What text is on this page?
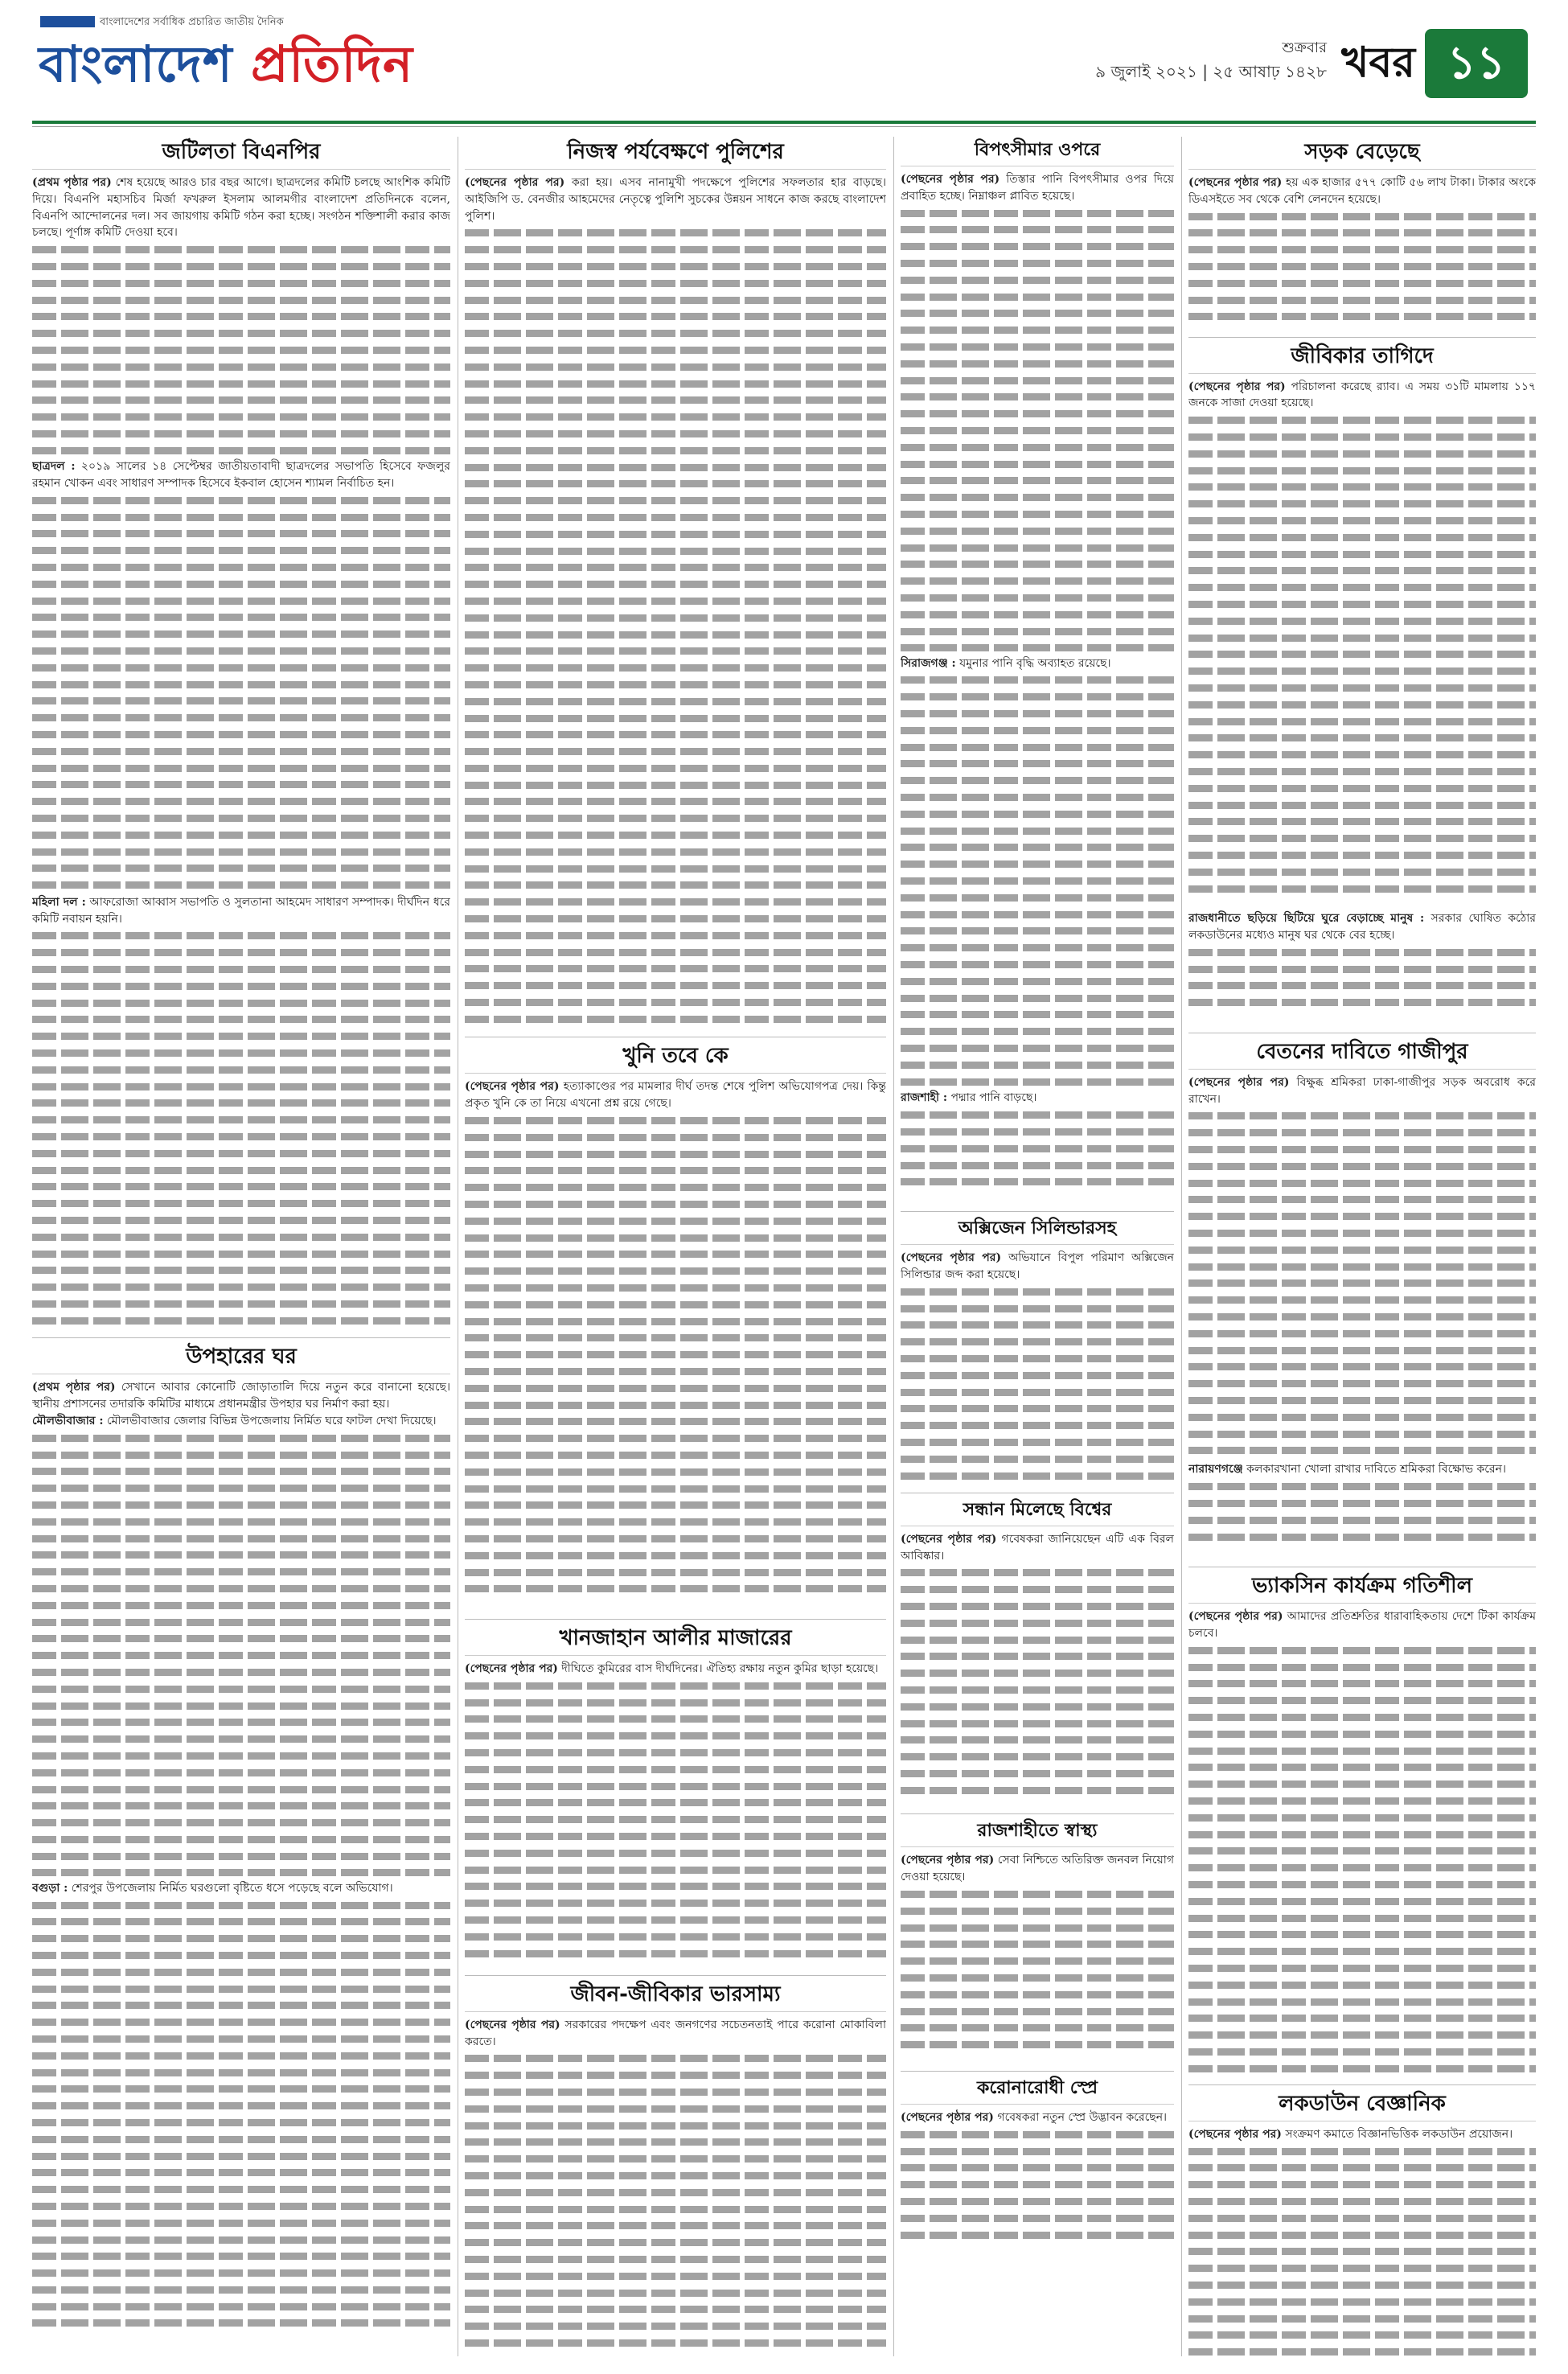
বাংলাদেশের সর্বাধিক প্রচারিত জাতীয় দৈনিক
বাংলাদেশ প্রতিদিন	শুক্রবার
৯ জুলাই ২০২১ | ২৫ আষাঢ় ১৪২৮ খবর ১১
জটিলতা বিএনপির

(প্রথম পৃষ্ঠার পর) শেষ হয়েছে আরও চার বছর আগে। ছাত্রদলের কমিটি চলছে আংশিক কমিটি দিয়ে। বিএনপি মহাসচিব মির্জা ফখরুল ইসলাম আলমগীর বাংলাদেশ প্রতিদিনকে বলেন, বিএনপি আন্দোলনের দল। সব জায়গায় কমিটি গঠন করা হচ্ছে। সংগঠন শক্তিশালী করার কাজ চলছে। পূর্ণাঙ্গ কমিটি দেওয়া হবে।

ছাত্রদল : ২০১৯ সালের ১৪ সেপ্টেম্বর জাতীয়তাবাদী ছাত্রদলের সভাপতি হিসেবে ফজলুর রহমান খোকন এবং সাধারণ সম্পাদক হিসেবে ইকবাল হোসেন শ্যামল নির্বাচিত হন।

মহিলা দল : আফরোজা আব্বাস সভাপতি ও সুলতানা আহমেদ সাধারণ সম্পাদক। দীর্ঘদিন ধরে কমিটি নবায়ন হয়নি।

উপহারের ঘর

(প্রথম পৃষ্ঠার পর) সেখানে আবার কোনোটি জোড়াতালি দিয়ে নতুন করে বানানো হয়েছে। স্থানীয় প্রশাসনের তদারকি কমিটির মাধ্যমে প্রধানমন্ত্রীর উপহার ঘর নির্মাণ করা হয়।

মৌলভীবাজার : মৌলভীবাজার জেলার বিভিন্ন উপজেলায় নির্মিত ঘরে ফাটল দেখা দিয়েছে।

বগুড়া : শেরপুর উপজেলায় নির্মিত ঘরগুলো বৃষ্টিতে ধসে পড়েছে বলে অভিযোগ।

নিজস্ব পর্যবেক্ষণে পুলিশের

(পেছনের পৃষ্ঠার পর) করা হয়। এসব নানামুখী পদক্ষেপে পুলিশের সফলতার হার বাড়ছে। আইজিপি ড. বেনজীর আহমেদের নেতৃত্বে পুলিশি সুচকের উন্নয়ন সাধনে কাজ করছে বাংলাদেশ পুলিশ।

খুনি তবে কে

(পেছনের পৃষ্ঠার পর) হত্যাকাণ্ডের পর মামলার দীর্ঘ তদন্ত শেষে পুলিশ অভিযোগপত্র দেয়। কিন্তু প্রকৃত খুনি কে তা নিয়ে এখনো প্রশ্ন রয়ে গেছে।

খানজাহান আলীর মাজারের

(পেছনের পৃষ্ঠার পর) দীঘিতে কুমিরের বাস দীর্ঘদিনের। ঐতিহ্য রক্ষায় নতুন কুমির ছাড়া হয়েছে।

জীবন-জীবিকার ভারসাম্য

(পেছনের পৃষ্ঠার পর) সরকারের পদক্ষেপ এবং জনগণের সচেতনতাই পারে করোনা মোকাবিলা করতে।

বিপৎসীমার ওপরে

(পেছনের পৃষ্ঠার পর) তিস্তার পানি বিপৎসীমার ওপর দিয়ে প্রবাহিত হচ্ছে। নিম্নাঞ্চল প্লাবিত হয়েছে।

সিরাজগঞ্জ : যমুনার পানি বৃদ্ধি অব্যাহত রয়েছে।

রাজশাহী : পদ্মার পানি বাড়ছে।

অক্সিজেন সিলিন্ডারসহ

(পেছনের পৃষ্ঠার পর) অভিযানে বিপুল পরিমাণ অক্সিজেন সিলিন্ডার জব্দ করা হয়েছে।

সন্ধান মিলেছে বিশ্বের

(পেছনের পৃষ্ঠার পর) গবেষকরা জানিয়েছেন এটি এক বিরল আবিষ্কার।

রাজশাহীতে স্বাস্থ্য

(পেছনের পৃষ্ঠার পর) সেবা নিশ্চিতে অতিরিক্ত জনবল নিয়োগ দেওয়া হয়েছে।

করোনারোধী স্প্রে

(পেছনের পৃষ্ঠার পর) গবেষকরা নতুন স্প্রে উদ্ভাবন করেছেন।

সড়ক বেড়েছে

(পেছনের পৃষ্ঠার পর) হয় এক হাজার ৫৭৭ কোটি ৫৬ লাখ টাকা। টাকার অংকে ডিএসইতে সব থেকে বেশি লেনদেন হয়েছে।

জীবিকার তাগিদে

(পেছনের পৃষ্ঠার পর) পরিচালনা করেছে র‍্যাব। এ সময় ৩১টি মামলায় ১১৭ জনকে সাজা দেওয়া হয়েছে।

রাজধানীতে ছড়িয়ে ছিটিয়ে ঘুরে বেড়াচ্ছে মানুষ : সরকার ঘোষিত কঠোর লকডাউনের মধ্যেও মানুষ ঘর থেকে বের হচ্ছে।

বেতনের দাবিতে গাজীপুর

(পেছনের পৃষ্ঠার পর) বিক্ষুব্ধ শ্রমিকরা ঢাকা-গাজীপুর সড়ক অবরোধ করে রাখেন।

নারায়ণগঞ্জে কলকারখানা খোলা রাখার দাবিতে শ্রমিকরা বিক্ষোভ করেন।

ভ্যাকসিন কার্যক্রম গতিশীল

(পেছনের পৃষ্ঠার পর) আমাদের প্রতিশ্রুতির ধারাবাহিকতায় দেশে টিকা কার্যক্রম চলবে।

লকডাউন বেজ্ঞানিক

(পেছনের পৃষ্ঠার পর) সংক্রমণ কমাতে বিজ্ঞানভিত্তিক লকডাউন প্রয়োজন।
